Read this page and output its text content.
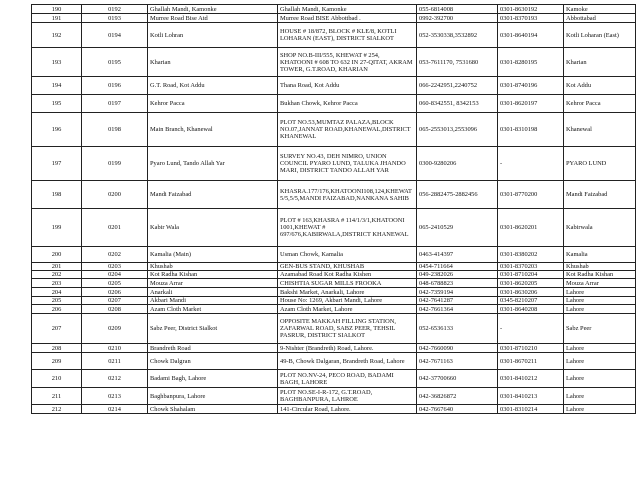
190	0192	Ghallah Mandi, Kamonke	Ghallah Mandi, Kamonke	055-6814008	0301-8630192	Kamoke
191	0193	Murree Road Bise Atd	Murree Road BISE Abbottbad .	0992-392700	0301-8370193	Abbottabad
192	0194	Kotli Lohran	HOUSE # 18/872, BLOCK # KLE/8, KOTLI LOHARAN (EAST), DISTRICT SIALKOT	052-3530338,3532892	0301-8640194	Kotli Loharan (East)
193	0195	Kharian	SHOP NO.B-III/555, KHEWAT # 254, KHATOONI # 608 TO 632 IN 27-QITAT, AKRAM TOWER, G.T.ROAD, KHARIAN	053-7611170, 7531680	0301-8280195	Kharian
194	0196	G.T. Road, Kot Addu	Thana Road, Kot Addu	066-2242951,2240752	0301-8740196	Kot Addu
195	0197	Kehror Pacca	Bukhan Chowk, Kehror Pacca	060-8342551, 8342153	0301-8620197	Kehror Pacca
196	0198	Main Branch, Khanewal	PLOT NO.53,MUMTAZ PALAZA,BLOCK NO.07,JANNAT ROAD,KHANEWAL,DISTRICT KHANEWAL	065-2553013,2553096	0301-8310198	Khanewal
197	0199	Pyaro Lund, Tando Allah Yar	SURVEY NO.43, DEH NIMRO, UNION COUNCIL PYARO LUND, TALUKA JHANDO MARI, DISTRICT TANDO ALLAH YAR	0300-9280206	-	PYARO LUND
198	0200	Mandi Faizabad	KHASRA.177/176,KHATOONI108,124,KHEWAT 5/5,5/5,MANDI FAIZABAD,NANKANA SAHIB	056-2882475-2882456	0301-8770200	Mandi Faizabad
199	0201	Kabir Wala	PLOT # 163,KHASRA # 114/1/3/1,KHATOONI 1001,KHEWAT # 697/676,KABIRWALA,DISTRICT KHANEWAL	065-2410529	0301-8620201	Kabirwala
200	0202	Kamalia (Main)	Usman Chowk, Kamalia	0463-414397	0301-8380202	Kamalia
201	0203	Khushab	GEN-BUS STAND, KHUSHAB	0454-711664	0301-8370203	Khushab
202	0204	Kot Radha Kishan	Azamabad Road Kot Radha Kishen	049-2382026	0301-8710204	Kot Radha Kishan
203	0205	Mouza Arrar	CHISHTIA SUGAR MILLS FROOKA	048-6788823	0301-8620205	Mouza Arrar
204	0206	Anarkali	Bakshi Market, Anarkali, Lahore	042-7359194	0301-8630206	Lahore
205	0207	Akbari Mandi	House No: 1269, Akbari Mandi, Lahore	042-7641287	0345-8210207	Lahore
206	0208	Azam Cloth Market	Azam Cloth Market, Lahore	042-7661364	0301-8640208	Lahore
207	0209	Sabz Peer, District Sialkot	OPPOSITE MAKKAH FILLING STATION, ZAFARWAL ROAD, SABZ PEER, TEHSIL PASRUR, DISTRICT SIALKOT	052-6536133	-	Sabz Peer
208	0210	Brandreth Road	9-Nishter (Brandreth) Road, Lahore.	042-7660090	0301-8710210	Lahore
209	0211	Chowk Dalgran	49-B, Chowk Dalgaran, Brandreth Road, Lahore	042-7671163	0301-8670211	Lahore
210	0212	Badami Bagh, Lahore	PLOT NO.NV-24, PECO ROAD, BADAMI BAGH, LAHORE	042-37700660	0301-8410212	Lahore
211	0213	Baghbanpura, Lahore	PLOT NO.SE-I-R-172, G.T.ROAD, BAGHBANPURA, LAHROE	042-36826872	0301-8410213	Lahore
212	0214	Chowk Shahalam	141-Circular Road, Lahore.	042-7667640	0301-8310214	Lahore
